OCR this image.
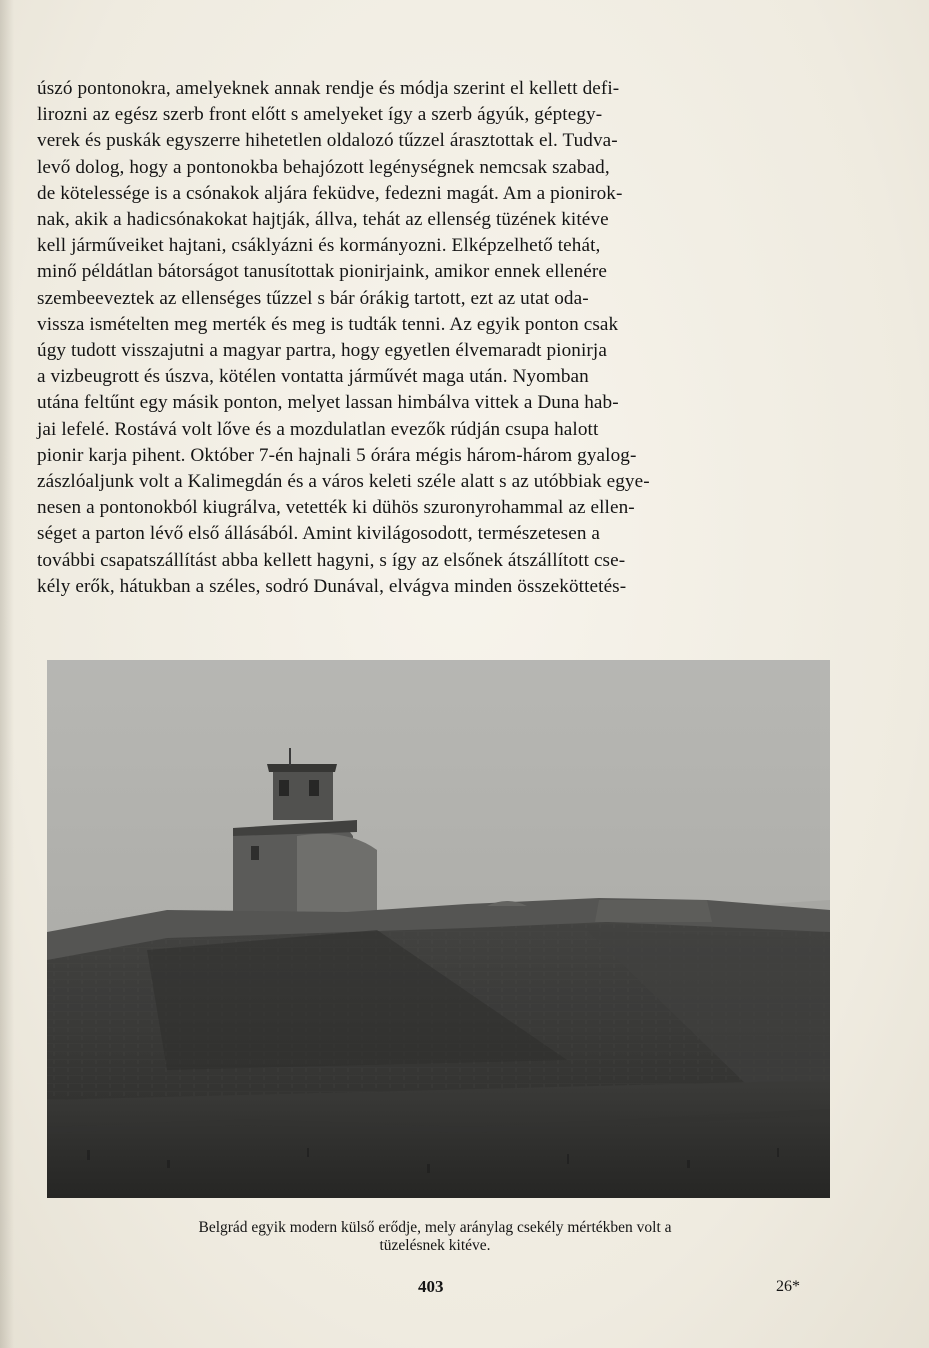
úszó pontonokra, amelyeknek annak rendje és módja szerint el kellett defi-

lirozni az egész szerb front előtt s amelyeket így a szerb ágyúk, géptegy-

verek és puskák egyszerre hihetetlen oldalozó tűzzel árasztottak el. Tudva-

levő dolog, hogy a pontonokba behajózott legénységnek nemcsak szabad,

de kötelessége is a csónakok aljára feküdve, fedezni magát. Am a pionirok-

nak, akik a hadicsónakokat hajtják, állva, tehát az ellenség tüzének kitéve

kell járműveiket hajtani, csáklyázni és kormányozni. Elképzelhető tehát,

minő példátlan bátorságot tanusítottak pionirjaink, amikor ennek ellenére

szembeeveztek az ellenséges tűzzel s bár órákig tartott, ezt az utat oda-

vissza ismételten meg merték és meg is tudták tenni. Az egyik ponton csak

úgy tudott visszajutni a magyar partra, hogy egyetlen élvemaradt pionirja

a vizbeugrott és úszva, kötélen vontatta járművét maga után. Nyomban

utána feltűnt egy másik ponton, melyet lassan himbálva vittek a Duna hab-

jai lefelé. Rostává volt lőve és a mozdulatlan evezők rúdján csupa halott

pionir karja pihent. Október 7-én hajnali 5 órára mégis három-három gyalog-

zászlóaljunk volt a Kalimegdán és a város keleti széle alatt s az utóbbiak egye-

nesen a pontonokból kiugrálva, vetették ki dühös szuronyrohammal az ellen-

séget a parton lévő első állásából. Amint kivilágosodott, természetesen a

további csapatszállítást abba kellett hagyni, s így az elsőnek átszállított cse-

kély erők, hátukban a széles, sodró Dunával, elvágva minden összeköttetés-

Belgrád egyik modern külső erődje, mely aránylag csekély mértékben volt a
tüzelésnek kitéve.
403	26*
